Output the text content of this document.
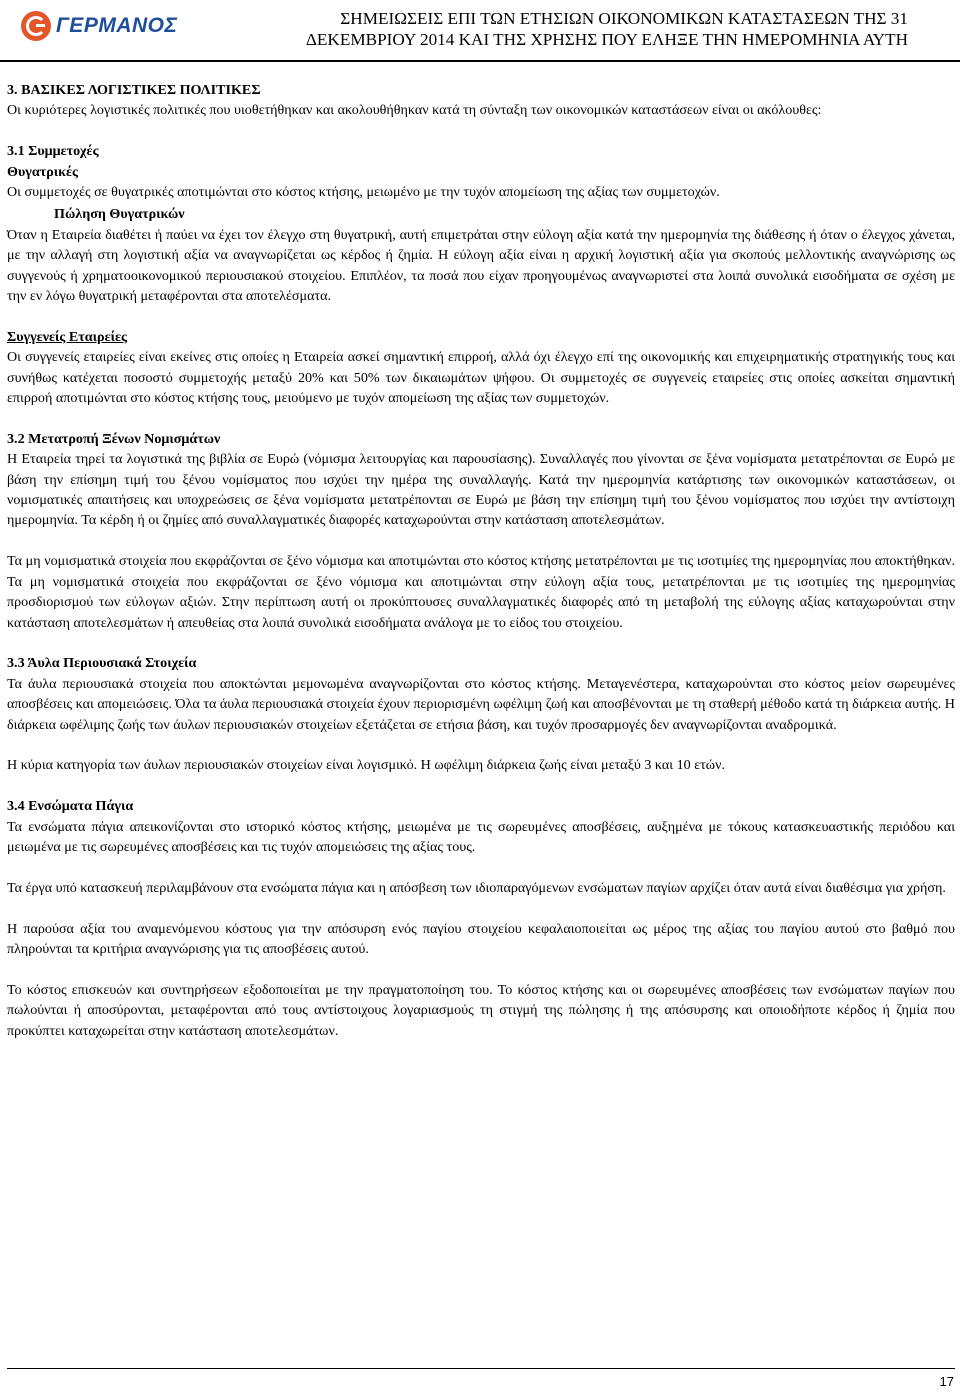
ΓΕΡΜΑΝΟΣ	ΣΗΜΕΙΩΣΕΙΣ ΕΠΙ ΤΩΝ ΕΤΗΣΙΩΝ ΟΙΚΟΝΟΜΙΚΩΝ ΚΑΤΑΣΤΑΣΕΩΝ ΤΗΣ 31
ΔΕΚΕΜΒΡΙΟΥ 2014 ΚΑΙ ΤΗΣ ΧΡΗΣΗΣ ΠΟΥ ΕΛΗΞΕ ΤΗΝ ΗΜΕΡΟΜΗΝΙΑ ΑΥΤΗ

3. ΒΑΣΙΚΕΣ ΛΟΓΙΣΤΙΚΕΣ ΠΟΛΙΤΙΚΕΣ

Οι κυριότερες λογιστικές πολιτικές που υιοθετήθηκαν και ακολουθήθηκαν κατά τη σύνταξη των οικονομικών καταστάσεων είναι οι ακόλουθες:

3.1 Συμμετοχές

Θυγατρικές

Οι συμμετοχές σε θυγατρικές αποτιμώνται στο κόστος κτήσης, μειωμένο με την τυχόν απομείωση της αξίας των συμμετοχών.

Πώληση Θυγατρικών

Όταν η Εταιρεία διαθέτει ή παύει να έχει τον έλεγχο στη θυγατρική, αυτή επιμετράται στην εύλογη αξία κατά την ημερομηνία της διάθεσης ή όταν ο έλεγχος χάνεται, με την αλλαγή στη λογιστική αξία να αναγνωρίζεται ως κέρδος ή ζημία. Η εύλογη αξία είναι η αρχική λογιστική αξία για σκοπούς μελλοντικής αναγνώρισης ως συγγενούς ή χρηματοοικονομικού περιουσιακού στοιχείου. Επιπλέον, τα ποσά που είχαν προηγουμένως αναγνωριστεί στα λοιπά συνολικά εισοδήματα σε σχέση με την εν λόγω θυγατρική μεταφέρονται στα αποτελέσματα.

Συγγενείς Εταιρείες

Οι συγγενείς εταιρείες είναι εκείνες στις οποίες η Εταιρεία ασκεί σημαντική επιρροή, αλλά όχι έλεγχο επί της οικονομικής και επιχειρηματικής στρατηγικής τους και συνήθως κατέχεται ποσοστό συμμετοχής μεταξύ 20% και 50% των δικαιωμάτων ψήφου. Οι συμμετοχές σε συγγενείς εταιρείες στις οποίες ασκείται σημαντική επιρροή αποτιμώνται στο κόστος κτήσης τους, μειούμενο με τυχόν απομείωση της αξίας των συμμετοχών.

3.2 Μετατροπή Ξένων Νομισμάτων

Η Εταιρεία τηρεί τα λογιστικά της βιβλία σε Ευρώ (νόμισμα λειτουργίας και παρουσίασης). Συναλλαγές που γίνονται σε ξένα νομίσματα μετατρέπονται σε Ευρώ με βάση την επίσημη τιμή του ξένου νομίσματος που ισχύει την ημέρα της συναλλαγής. Κατά την ημερομηνία κατάρτισης των οικονομικών καταστάσεων, οι νομισματικές απαιτήσεις και υποχρεώσεις σε ξένα νομίσματα μετατρέπονται σε Ευρώ με βάση την επίσημη τιμή του ξένου νομίσματος που ισχύει την αντίστοιχη ημερομηνία. Τα κέρδη ή οι ζημίες από συναλλαγματικές διαφορές καταχωρούνται στην κατάσταση αποτελεσμάτων.

Τα μη νομισματικά στοιχεία που εκφράζονται σε ξένο νόμισμα και αποτιμώνται στο κόστος κτήσης μετατρέπονται με τις ισοτιμίες της ημερομηνίας που αποκτήθηκαν. Τα μη νομισματικά στοιχεία που εκφράζονται σε ξένο νόμισμα και αποτιμώνται στην εύλογη αξία τους, μετατρέπονται με τις ισοτιμίες της ημερομηνίας προσδιορισμού των εύλογων αξιών. Στην περίπτωση αυτή οι προκύπτουσες συναλλαγματικές διαφορές από τη μεταβολή της εύλογης αξίας καταχωρούνται στην κατάσταση αποτελεσμάτων ή απευθείας στα λοιπά συνολικά εισοδήματα ανάλογα με το είδος του στοιχείου.

3.3 Άυλα Περιουσιακά Στοιχεία

Τα άυλα περιουσιακά στοιχεία που αποκτώνται μεμονωμένα αναγνωρίζονται στο κόστος κτήσης. Μεταγενέστερα, καταχωρούνται στο κόστος μείον σωρευμένες αποσβέσεις και απομειώσεις. Όλα τα άυλα περιουσιακά στοιχεία έχουν περιορισμένη ωφέλιμη ζωή και αποσβένονται με τη σταθερή μέθοδο κατά τη διάρκεια αυτής. Η διάρκεια ωφέλιμης ζωής των άυλων περιουσιακών στοιχείων εξετάζεται σε ετήσια βάση, και τυχόν προσαρμογές δεν αναγνωρίζονται αναδρομικά.

Η κύρια κατηγορία των άυλων περιουσιακών στοιχείων είναι λογισμικό. Η ωφέλιμη διάρκεια ζωής είναι μεταξύ 3 και 10 ετών.

3.4 Ενσώματα Πάγια

Τα ενσώματα πάγια απεικονίζονται στο ιστορικό κόστος κτήσης, μειωμένα με τις σωρευμένες αποσβέσεις, αυξημένα με τόκους κατασκευαστικής περιόδου και μειωμένα με τις σωρευμένες αποσβέσεις και τις τυχόν απομειώσεις της αξίας τους.

Τα έργα υπό κατασκευή περιλαμβάνουν στα ενσώματα πάγια και η απόσβεση των ιδιοπαραγόμενων ενσώματων παγίων αρχίζει όταν αυτά είναι διαθέσιμα για χρήση.

Η παρούσα αξία του αναμενόμενου κόστους για την απόσυρση ενός παγίου στοιχείου κεφαλαιοποιείται ως μέρος της αξίας του παγίου αυτού στο βαθμό που πληρούνται τα κριτήρια αναγνώρισης για τις αποσβέσεις αυτού.

Το κόστος επισκευών και συντηρήσεων εξοδοποιείται με την πραγματοποίηση του. Το κόστος κτήσης και οι σωρευμένες αποσβέσεις των ενσώματων παγίων που πωλούνται ή αποσύρονται, μεταφέρονται από τους αντίστοιχους λογαριασμούς τη στιγμή της πώλησης ή της απόσυρσης και οποιοδήποτε κέρδος ή ζημία που προκύπτει καταχωρείται στην κατάσταση αποτελεσμάτων.

17
